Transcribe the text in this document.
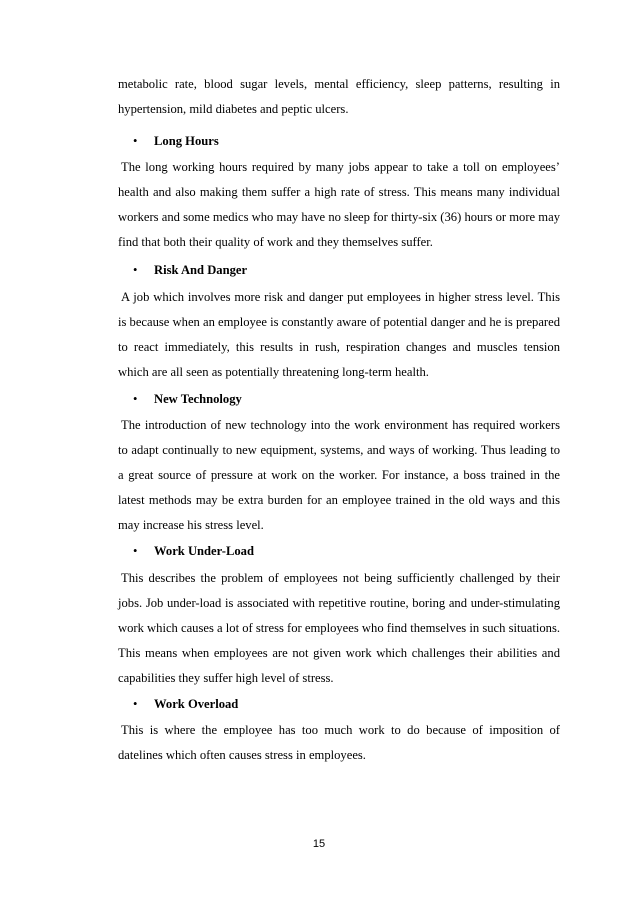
metabolic rate, blood sugar levels, mental efficiency, sleep patterns, resulting in hypertension, mild diabetes and peptic ulcers.

• Long Hours

The long working hours required by many jobs appear to take a toll on employees’ health and also making them suffer a high rate of stress. This means many individual workers and some medics who may have no sleep for thirty-six (36) hours or more may find that both their quality of work and they themselves suffer.

• Risk And Danger

A job which involves more risk and danger put employees in higher stress level. This is because when an employee is constantly aware of potential danger and he is prepared to react immediately, this results in rush, respiration changes and muscles tension which are all seen as potentially threatening long-term health.

• New Technology

The introduction of new technology into the work environment has required workers to adapt continually to new equipment, systems, and ways of working. Thus leading to a great source of pressure at work on the worker. For instance, a boss trained in the latest methods may be extra burden for an employee trained in the old ways and this may increase his stress level.

• Work Under-Load

This describes the problem of employees not being sufficiently challenged by their jobs. Job under-load is associated with repetitive routine, boring and under-stimulating work which causes a lot of stress for employees who find themselves in such situations. This means when employees are not given work which challenges their abilities and capabilities they suffer high level of stress.

• Work Overload

This is where the employee has too much work to do because of imposition of datelines which often causes stress in employees.

15
